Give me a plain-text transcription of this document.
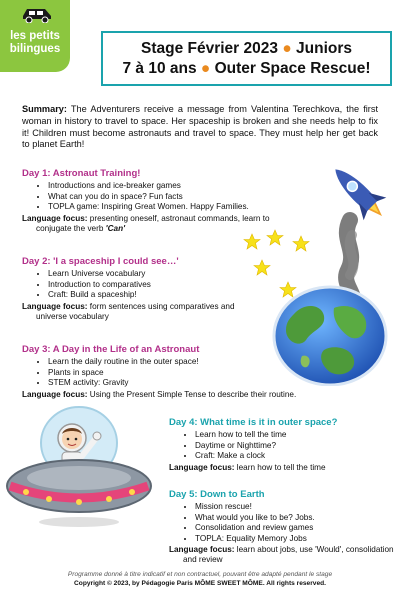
les petits
bilingues	Stage Février 2023 ● Juniors
7 à 10 ans ● Outer Space Rescue!
Summary: The Adventurers receive a message from Valentina Terechkova, the first woman in history to travel to space. Her spaceship is broken and she needs help to fix it! Children must become astronauts and travel to space. They must help her get back to planet Earth!
Day 1: Astronaut Training!
• Introductions and ice-breaker games
• What can you do in space? Fun facts
• TOPLA game: Inspiring Great Women. Happy Families.
Language focus: presenting oneself, astronaut commands, learn to
conjugate the verb 'Can'
Day 2: 'I a spaceship I could see…'
• Learn Universe vocabulary
• Introduction to comparatives
• Craft: Build a spaceship!
Language focus: form sentences using comparatives and
universe vocabulary
Day 3: A Day in the Life of an Astronaut
• Learn the daily routine in the outer space!
• Plants in space
• STEM activity: Gravity
Language focus: Using the Present Simple Tense to describe their routine.
Day 4: What time is it in outer space?
• Learn how to tell the time
• Daytime or Nighttime?
• Craft: Make a clock
Language focus: learn how to tell the time
Day 5: Down to Earth
• Mission rescue!
• What would you like to be? Jobs.
• Consolidation and review games
• TOPLA: Equality Memory Jobs
Language focus: learn about jobs, use 'Would', consolidation
and review
Programme donné à titre indicatif et non contractuel, pouvant être adapté pendant le stage
Copyright © 2023, by Pédagogie Paris MÔME SWEET MÔME. All rights reserved.
